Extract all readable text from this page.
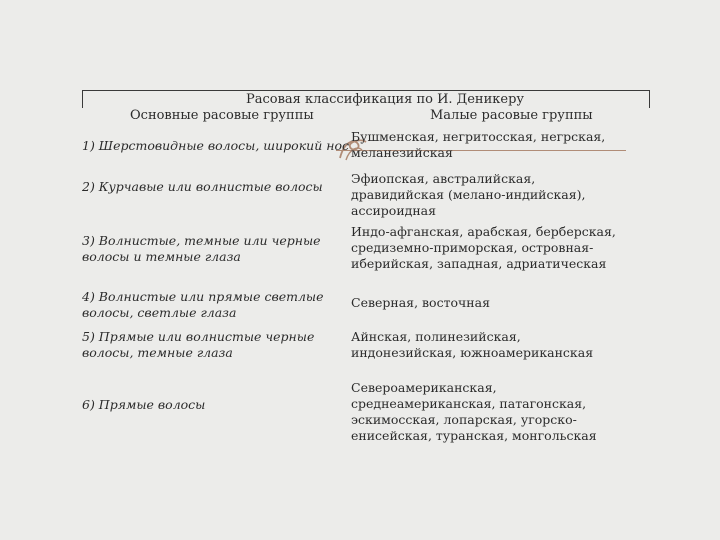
Расовая классификация по И. Деникеру
Основные расовые группы	Малые расовые группы
1) Шерстовидные волосы, широкий нос
Бушменская, негритосская, негрская, меланезийская
2) Курчавые или волнистые волосы
Эфиопская, австралийская, дравидийская (мелано-индийская), ассироидная
3) Волнистые, темные или черные волосы и темные глаза
Индо-афганская, арабская, берберская, средиземно-приморская, островная-иберийская, западная, адриатическая
4) Волнистые или прямые светлые волосы, светлые глаза
Северная, восточная
5) Прямые или волнистые черные волосы, темные глаза
Айнская, полинезийская, индонезийская, южноамериканская
6) Прямые волосы
Североамериканская, среднеамериканская, патагонская, эскимосская, лопарская, угорско-енисейская, туранская, монгольская
